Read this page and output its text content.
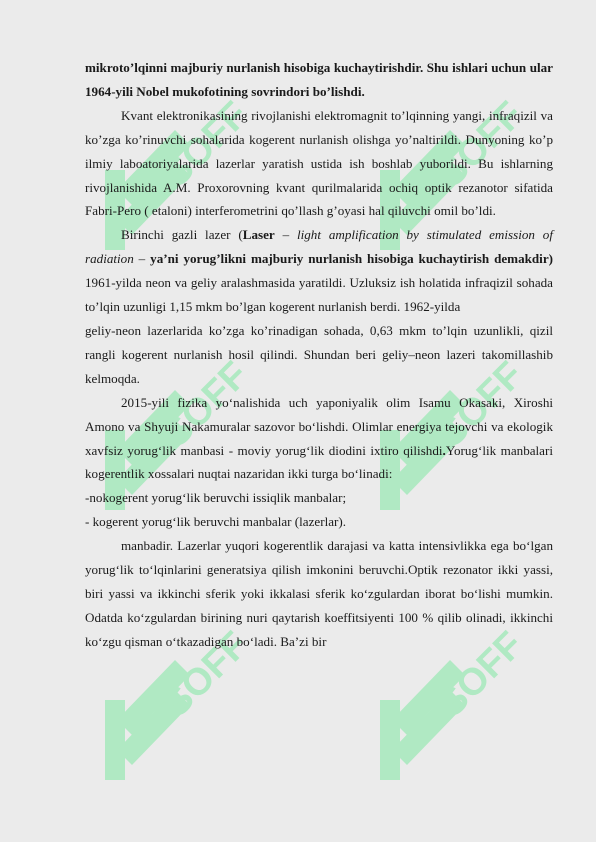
SOFF	SOFF
SOFF	SOFF
SOFF	SOFF

mikroto’lqinni majburiy nurlanish hisobiga kuchaytirishdir. Shu ishlari uchun ular 1964-yili Nobel mukofotining sovrindori bo’lishdi.

Kvant elektronikasining rivojlanishi elektromagnit to’lqinning yangi, infraqizil va ko’zga ko’rinuvchi sohalarida kogerent nurlanish olishga yo’naltirildi. Dunyoning ko’p ilmiy laboatoriyalarida lazerlar yaratish ustida ish boshlab yuborildi. Bu ishlarning rivojlanishida A.M. Proxorovning kvant qurilmalarida ochiq optik rezanotor sifatida Fabri-Pero ( etaloni) interferometrini qo’llash g’oyasi hal qiluvchi omil bo’ldi.

Birinchi gazli lazer (Laser – light amplification by stimulated emission of radiation – ya’ni yorug’likni majburiy nurlanish hisobiga kuchaytirish demakdir) 1961-yilda neon va geliy aralashmasida yaratildi. Uzluksiz ish holatida infraqizil sohada to’lqin uzunligi 1,15 mkm bo’lgan kogerent nurlanish berdi. 1962-yilda

geliy-neon lazerlarida ko’zga ko’rinadigan sohada, 0,63 mkm to’lqin uzunlikli, qizil rangli kogerent nurlanish hosil qilindi. Shundan beri geliy–neon lazeri takomillashib kelmoqda.

2015-yili fizika yo‘nalishida uch yaponiyalik olim Isamu Okasaki, Xiroshi Amono va Shyuji Nakamuralar sazovor bo‘lishdi. Olimlar energiya tejovchi va ekologik xavfsiz yorug‘lik manbasi - moviy yorug‘lik diodini ixtiro qilishdi.Yorug‘lik manbalari kogerentlik xossalari nuqtai nazaridan ikki turga bo‘linadi:

-nokogerent yorug‘lik beruvchi issiqlik manbalar;

- kogerent yorug‘lik beruvchi manbalar (lazerlar).

manbadir. Lazerlar yuqori kogerentlik darajasi va katta intensivlikka ega bo‘lgan yorug‘lik to‘lqinlarini generatsiya qilish imkonini beruvchi.Optik rezonator ikki yassi, biri yassi va ikkinchi sferik yoki ikkalasi sferik ko‘zgulardan iborat bo‘lishi mumkin. Odatda ko‘zgulardan birining nuri qaytarish koeffitsiyenti 100 % qilib olinadi, ikkinchi ko‘zgu qisman o‘tkazadigan bo‘ladi. Ba’zi bir
